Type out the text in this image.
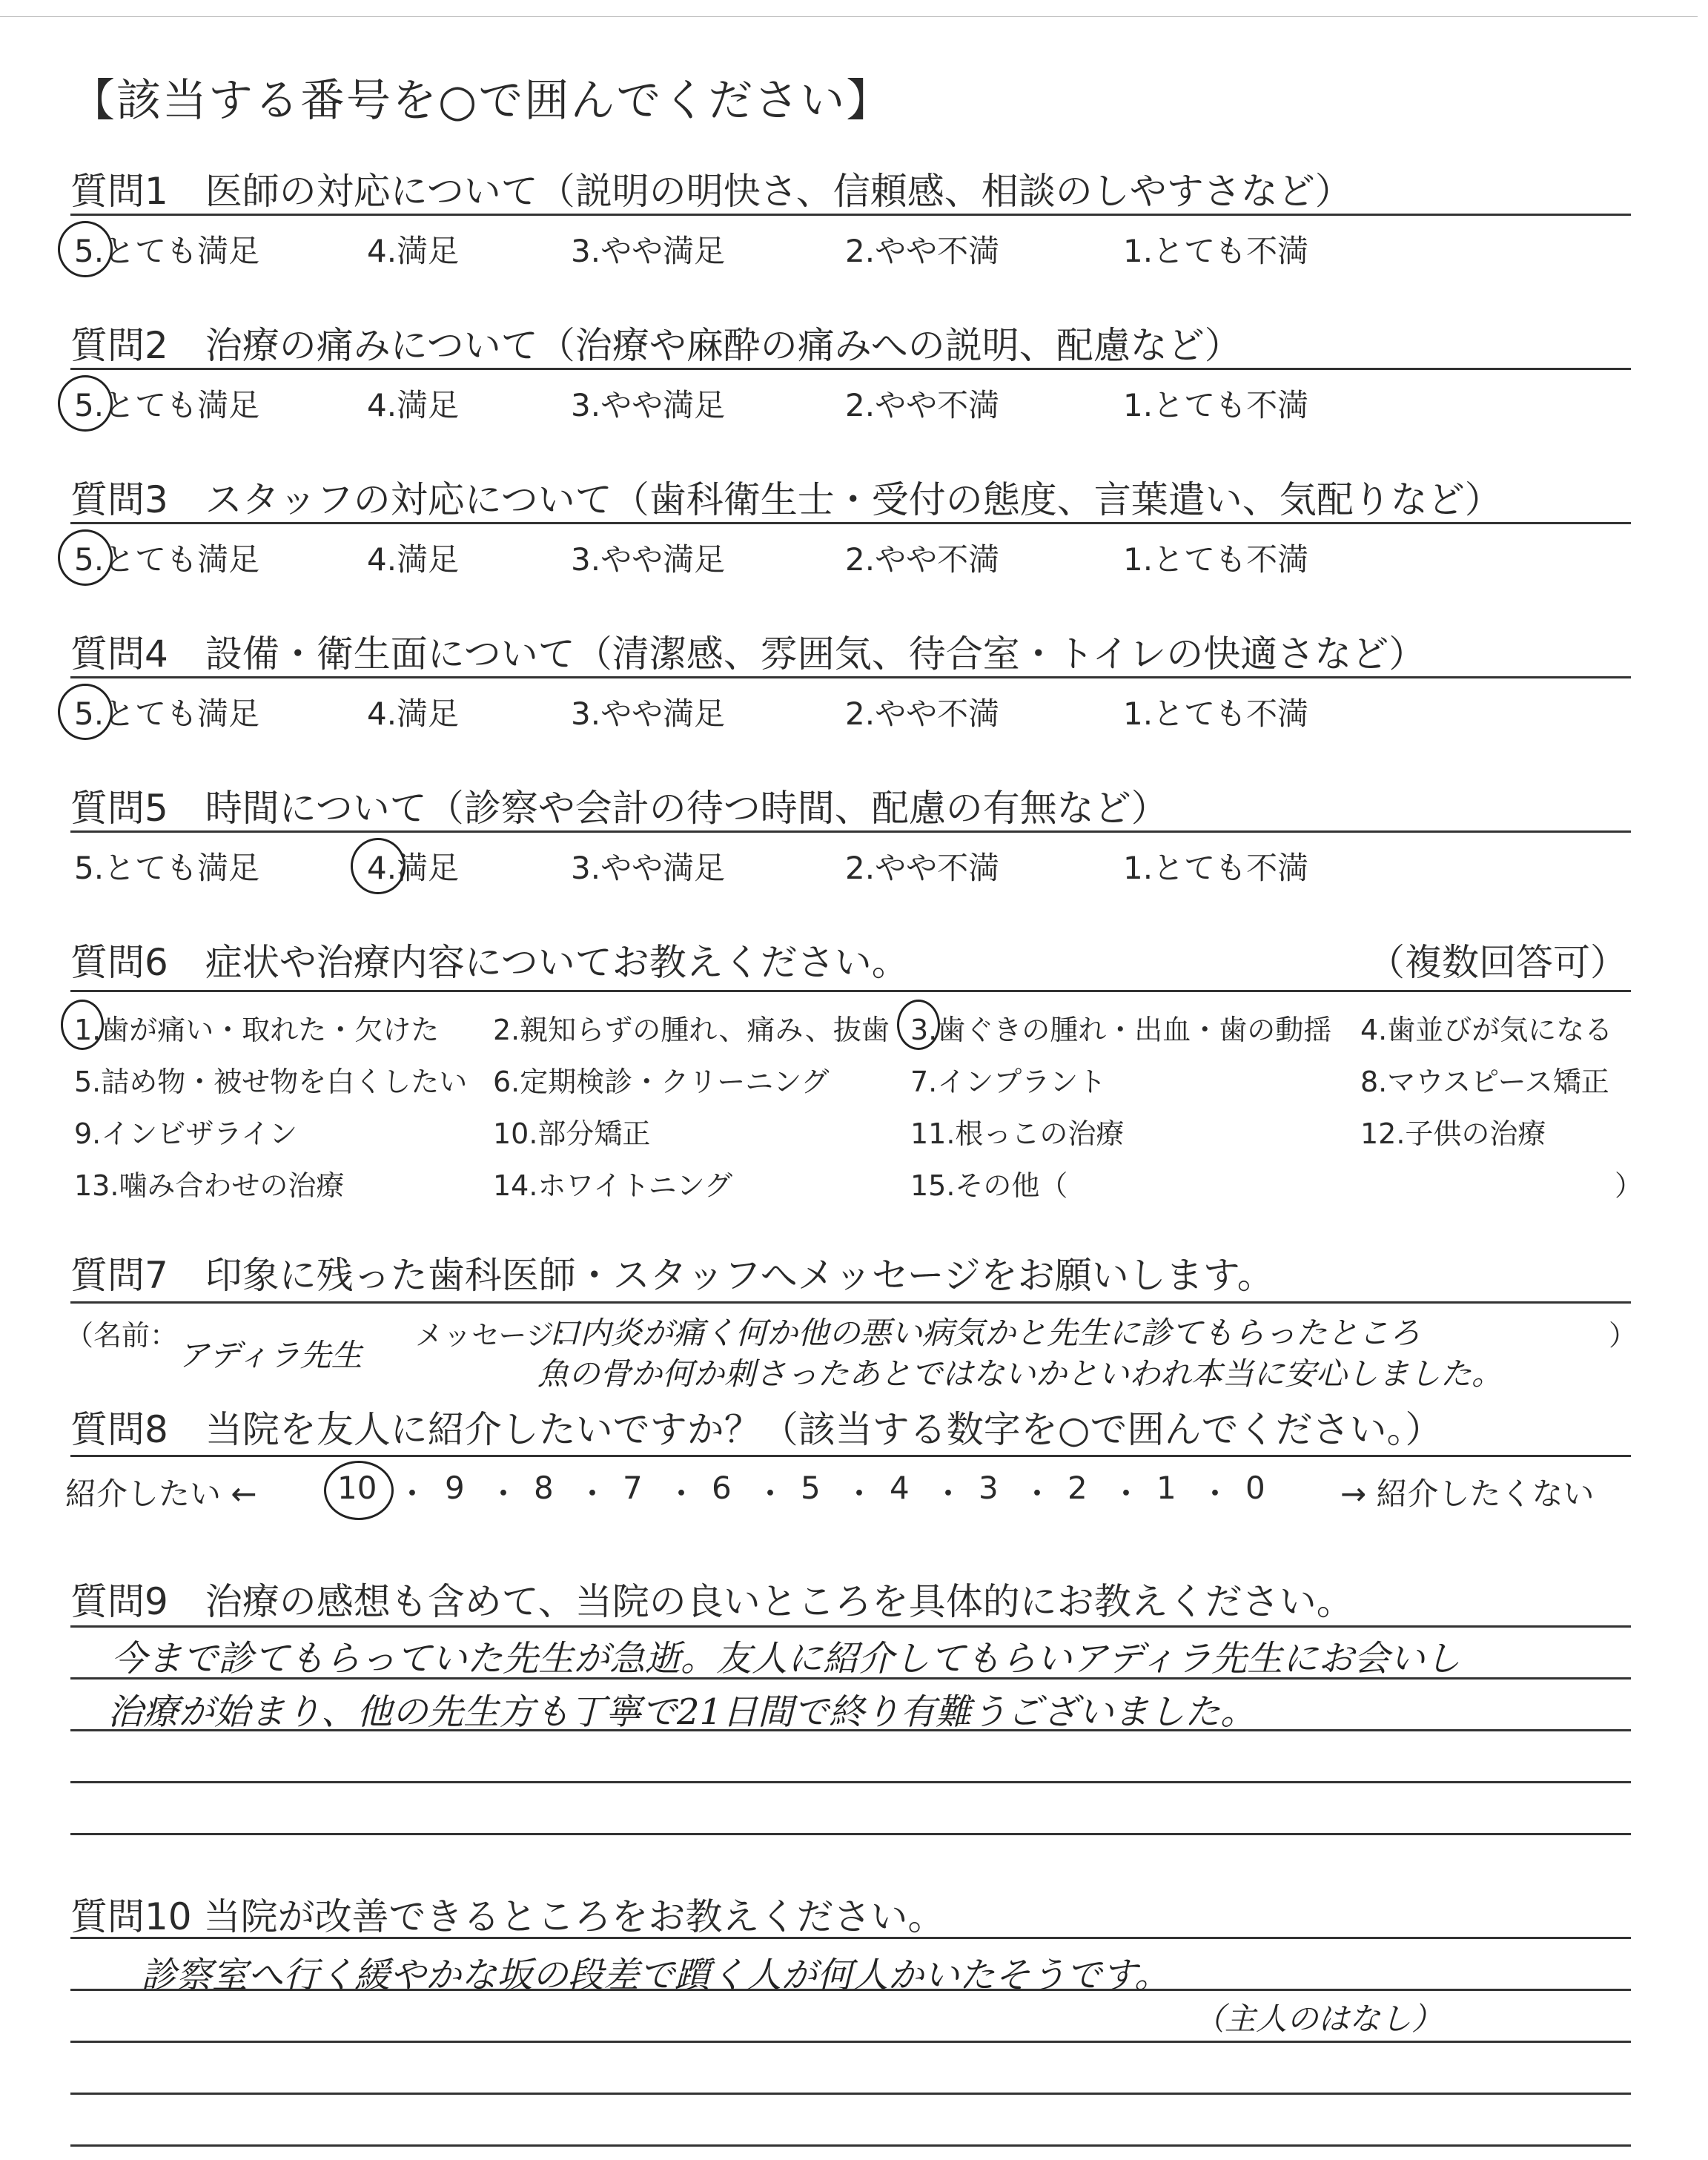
【該当する番号を○で囲んでください】
質問1　医師の対応について（説明の明快さ、信頼感、相談のしやすさなど）
5.とても満足	4.満足	3.やや満足	2.やや不満	1.とても不満
質問2　治療の痛みについて（治療や麻酔の痛みへの説明、配慮など）
5.とても満足	4.満足	3.やや満足	2.やや不満	1.とても不満
質問3　スタッフの対応について（歯科衛生士・受付の態度、言葉遣い、気配りなど）
5.とても満足	4.満足	3.やや満足	2.やや不満	1.とても不満
質問4　設備・衛生面について（清潔感、雰囲気、待合室・トイレの快適さなど）
5.とても満足	4.満足	3.やや満足	2.やや不満	1.とても不満
質問5　時間について（診察や会計の待つ時間、配慮の有無など）
5.とても満足	4.満足	3.やや満足	2.やや不満	1.とても不満
質問6　症状や治療内容についてお教えください。	（複数回答可）
1.歯が痛い・取れた・欠けた 2.親知らずの腫れ、痛み、抜歯 3.歯ぐきの腫れ・出血・歯の動揺 4.歯並びが気になる
5.詰め物・被せ物を白くしたい 6.定期検診・クリーニング	7.インプラント	8.マウスピース矯正
9.インビザライン	10.部分矯正	11.根っこの治療	12.子供の治療
13.噛み合わせの治療	14.ホワイトニング	15.その他（	）
質問7　印象に残った歯科医師・スタッフへメッセージをお願いします。
（名前：
アディラ先生
メッセージ：
口内炎が痛く何か他の悪い病気かと先生に診てもらったところ
魚の骨か何か刺さったあとではないかといわれ本当に安心しました。
）
質問8　当院を友人に紹介したいですか？（該当する数字を○で囲んでください。）
紹介したい ←	10 ・ 9 ・ 8 ・ 7 ・ 6 ・ 5 ・ 4 ・ 3 ・ 2 ・ 1 ・ 0 → 紹介したくない
質問9　治療の感想も含めて、当院の良いところを具体的にお教えください。
今まで診てもらっていた先生が急逝。友人に紹介してもらいアディラ先生にお会いし
治療が始まり、他の先生方も丁寧で21日間で終り有難うございました。
質問10 当院が改善できるところをお教えください。
診察室へ行く緩やかな坂の段差で躓く人が何人かいたそうです。
（主人のはなし）
